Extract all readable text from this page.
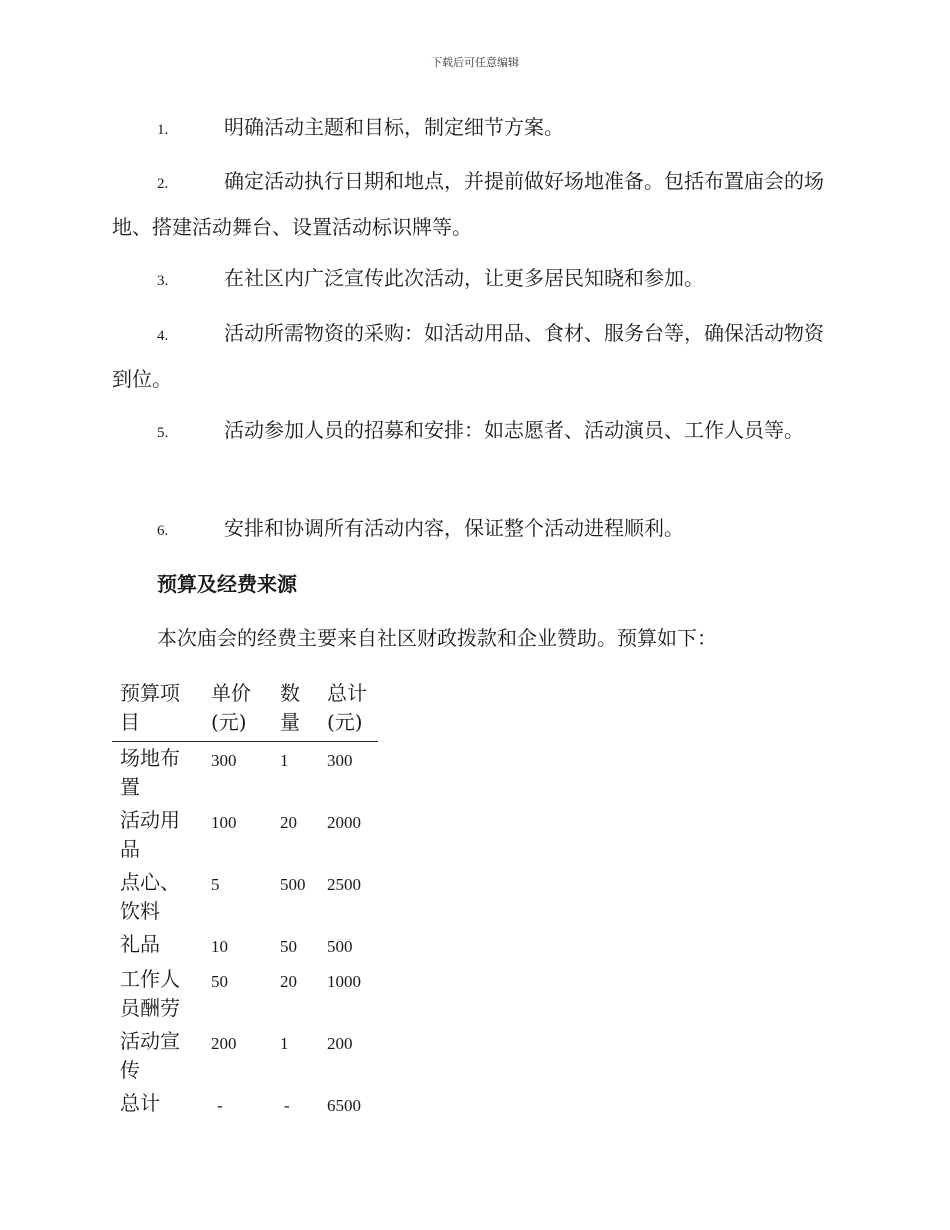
下载后可任意编辑
1.	明确活动主题和目标，制定细节方案。
2.	确定活动执行日期和地点，并提前做好场地准备。包括布置庙会的场地、搭建活动舞台、设置活动标识牌等。
3.	在社区内广泛宣传此次活动，让更多居民知晓和参加。
4.	活动所需物资的采购：如活动用品、食材、服务台等，确保活动物资到位。
5.	活动参加人员的招募和安排：如志愿者、活动演员、工作人员等。
6.	安排和协调所有活动内容，保证整个活动进程顺利。
预算及经费来源
本次庙会的经费主要来自社区财政拨款和企业赞助。预算如下：
预算项目	单价(元)	数量	总计(元)
场地布置	300	1	300
活动用品	100	20	2000
点心、饮料	5	500	2500
礼品	10	50	500
工作人员酬劳	50	20	1000
活动宣传	200	1	200
总计	-	-	6500
